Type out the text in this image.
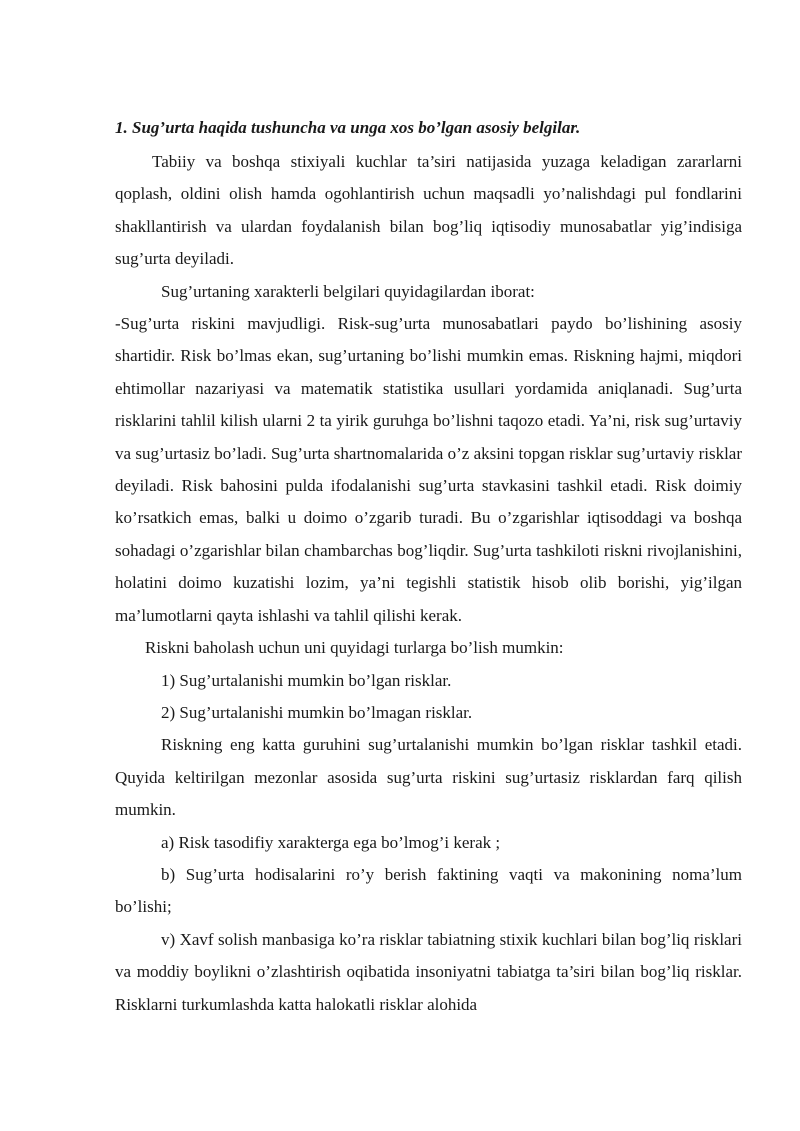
1. Sug’urta haqida tushuncha va unga xos bo’lgan asosiy belgilar.

Tabiiy va boshqa stixiyali kuchlar ta’siri natijasida yuzaga keladigan zararlarni qoplash, oldini olish hamda ogohlantirish uchun maqsadli yo’nalishdagi pul fondlarini shakllantirish va ulardan foydalanish bilan bog’liq iqtisodiy munosabatlar yig’indisiga sug’urta deyiladi.

Sug’urtaning xarakterli belgilari quyidagilardan iborat:

-Sug’urta riskini mavjudligi. Risk-sug’urta munosabatlari paydo bo’lishining asosiy shartidir. Risk bo’lmas ekan, sug’urtaning bo’lishi mumkin emas. Riskning hajmi, miqdori ehtimollar nazariyasi va matematik statistika usullari yordamida aniqlanadi. Sug’urta risklarini tahlil kilish ularni 2 ta yirik guruhga bo’lishni taqozo etadi. Ya’ni, risk sug’urtaviy va sug’urtasiz bo’ladi. Sug’urta shartnomalarida o’z aksini topgan risklar sug’urtaviy risklar deyiladi. Risk bahosini pulda ifodalanishi sug’urta stavkasini tashkil etadi. Risk doimiy ko’rsatkich emas, balki u doimo o’zgarib turadi. Bu o’zgarishlar iqtisoddagi va boshqa sohadagi o’zgarishlar bilan chambarchas bog’liqdir. Sug’urta tashkiloti riskni rivojlanishini, holatini doimo kuzatishi lozim, ya’ni tegishli statistik hisob olib borishi, yig’ilgan ma’lumotlarni qayta ishlashi va tahlil qilishi kerak.

Riskni baholash uchun uni quyidagi turlarga bo’lish mumkin:

1) Sug’urtalanishi mumkin bo’lgan risklar.

2) Sug’urtalanishi mumkin bo’lmagan risklar.

Riskning eng katta guruhini sug’urtalanishi mumkin bo’lgan risklar tashkil etadi. Quyida keltirilgan mezonlar asosida sug’urta riskini sug’urtasiz risklardan farq qilish mumkin.

a) Risk tasodifiy xarakterga ega bo’lmog’i kerak ;

b) Sug’urta hodisalarini ro’y berish faktining vaqti va makonining noma’lum bo’lishi;

v) Xavf solish manbasiga ko’ra risklar tabiatning stixik kuchlari bilan bog’liq risklari va moddiy boylikni o’zlashtirish oqibatida insoniyatni tabiatga ta’siri bilan bog’liq risklar. Risklarni turkumlashda katta halokatli risklar alohida
